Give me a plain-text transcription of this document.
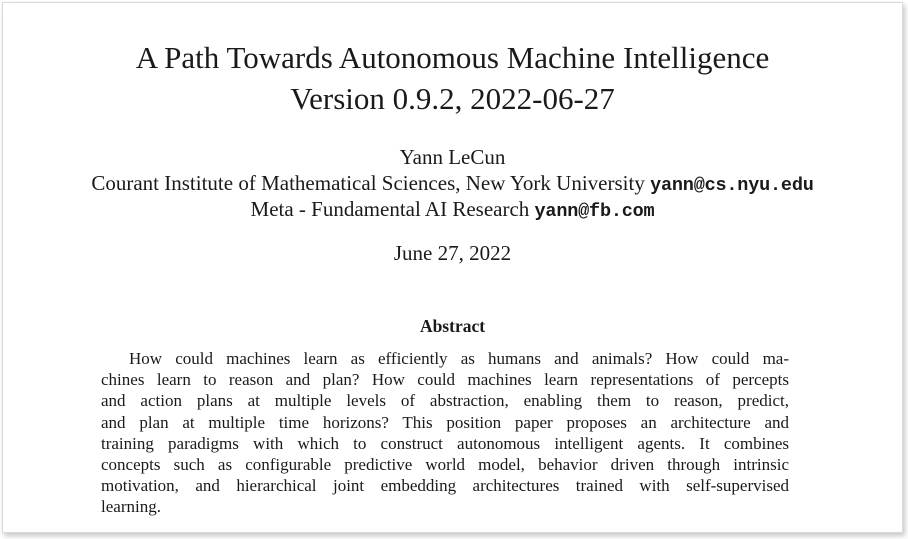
A Path Towards Autonomous Machine Intelligence
Version 0.9.2, 2022-06-27
Yann LeCun
Courant Institute of Mathematical Sciences, New York University yann@cs.nyu.edu
Meta - Fundamental AI Research yann@fb.com
June 27, 2022
Abstract
How could machines learn as efficiently as humans and animals? How could ma-
chines learn to reason and plan? How could machines learn representations of percepts
and action plans at multiple levels of abstraction, enabling them to reason, predict,
and plan at multiple time horizons? This position paper proposes an architecture and
training paradigms with which to construct autonomous intelligent agents. It combines
concepts such as configurable predictive world model, behavior driven through intrinsic
motivation, and hierarchical joint embedding architectures trained with self-supervised
learning.
